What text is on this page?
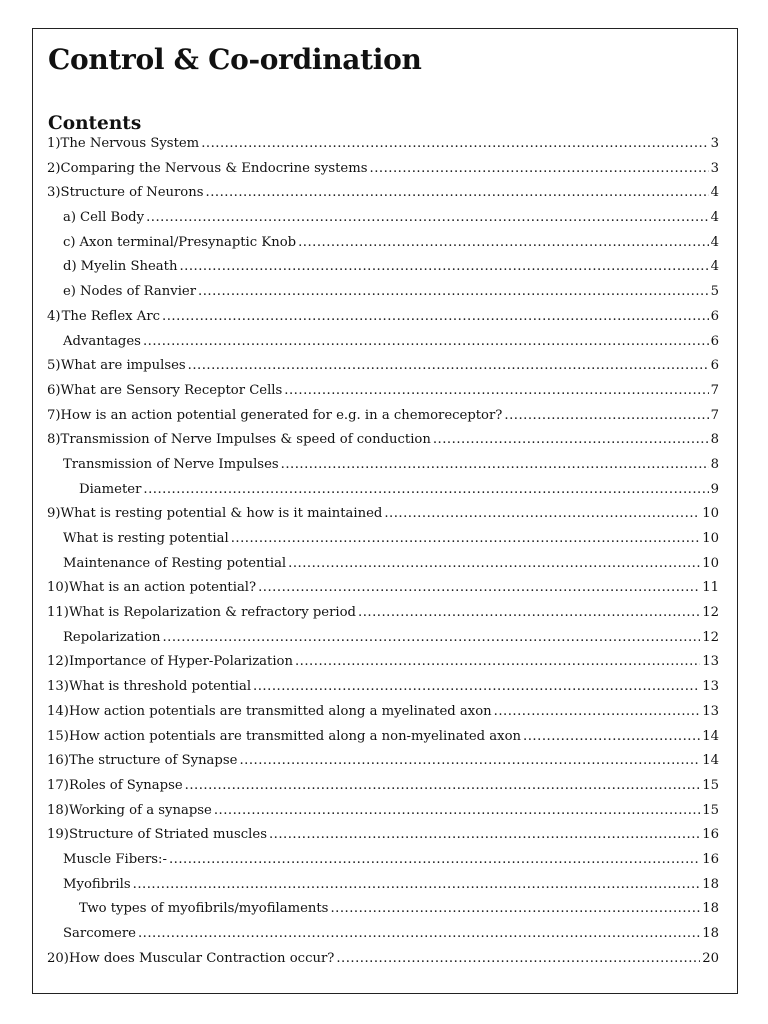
Control & Co-ordination
Contents
1) The Nervous System .....	3
2) Comparing the Nervous & Endocrine systems .....	3
3) Structure of Neurons .....	4
a) Cell Body .....	4
c) Axon terminal/Presynaptic Knob .....	4
d) Myelin Sheath .....	4
e) Nodes of Ranvier .....	5
4) The Reflex Arc .....	6
Advantages .....	6
5) What are impulses .....	6
6) What are Sensory Receptor Cells .....	7
7) How is an action potential generated for e.g. in a chemoreceptor? .....	7
8) Transmission of Nerve Impulses & speed of conduction .....	8
Transmission of Nerve Impulses .....	8
Diameter .....	9
9) What is resting potential & how is it maintained .....	10
What is resting potential .....	10
Maintenance of Resting potential .....	10
10) What is an action potential? .....	11
11) What is Repolarization & refractory period .....	12
Repolarization .....	12
12) Importance of Hyper-Polarization .....	13
13) What is threshold potential .....	13
14) How action potentials are transmitted along a myelinated axon .....	13
15) How action potentials are transmitted along a non-myelinated axon .....	14
16) The structure of Synapse .....	14
17) Roles of Synapse .....	15
18) Working of a synapse .....	15
19) Structure of Striated muscles .....	16
Muscle Fibers:- .....	16
Myofibrils .....	18
Two types of myofibrils/myofilaments .....	18
Sarcomere .....	18
20) How does Muscular Contraction occur? .....	20
